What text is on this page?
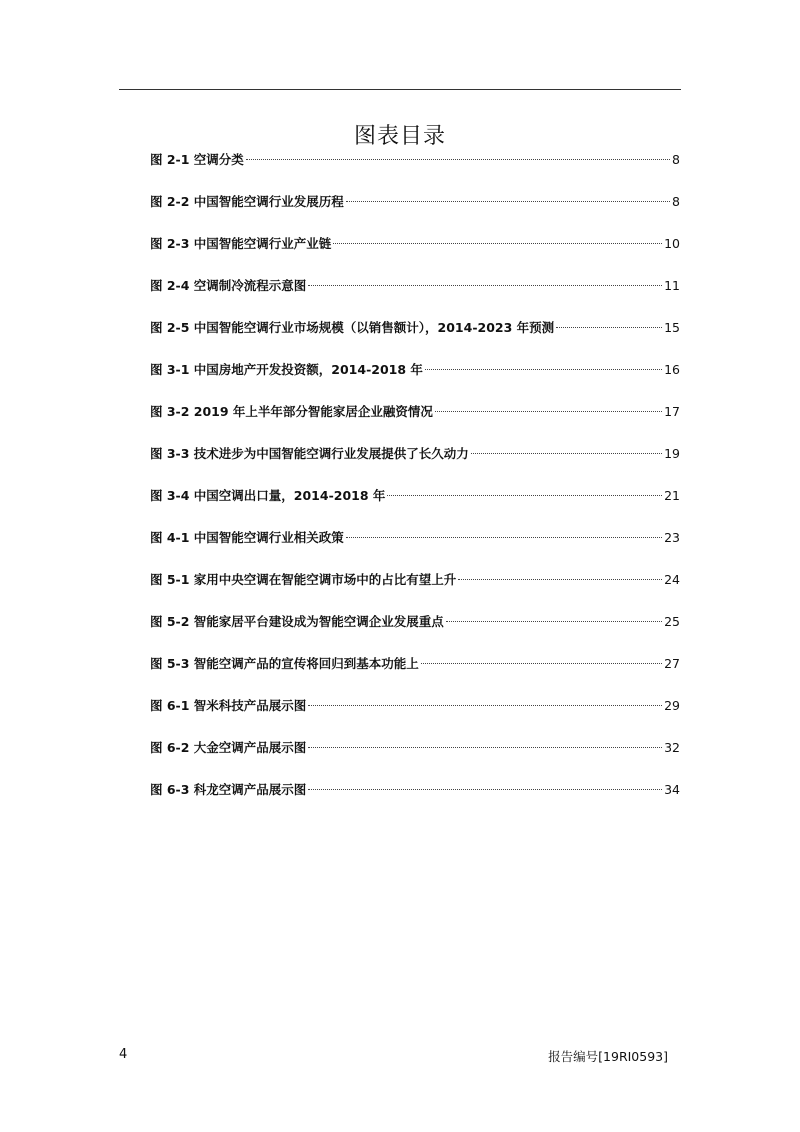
图表目录
图 2-1 空调分类	8
图 2-2 中国智能空调行业发展历程	8
图 2-3 中国智能空调行业产业链	10
图 2-4 空调制冷流程示意图	11
图 2-5 中国智能空调行业市场规模（以销售额计），2014-2023 年预测	15
图 3-1 中国房地产开发投资额，2014-2018 年	16
图 3-2 2019 年上半年部分智能家居企业融资情况	17
图 3-3 技术进步为中国智能空调行业发展提供了长久动力	19
图 3-4 中国空调出口量，2014-2018 年	21
图 4-1 中国智能空调行业相关政策	23
图 5-1 家用中央空调在智能空调市场中的占比有望上升	24
图 5-2 智能家居平台建设成为智能空调企业发展重点	25
图 5-3 智能空调产品的宣传将回归到基本功能上	27
图 6-1 智米科技产品展示图	29
图 6-2 大金空调产品展示图	32
图 6-3 科龙空调产品展示图	34
4	报告编号[19RI0593]
